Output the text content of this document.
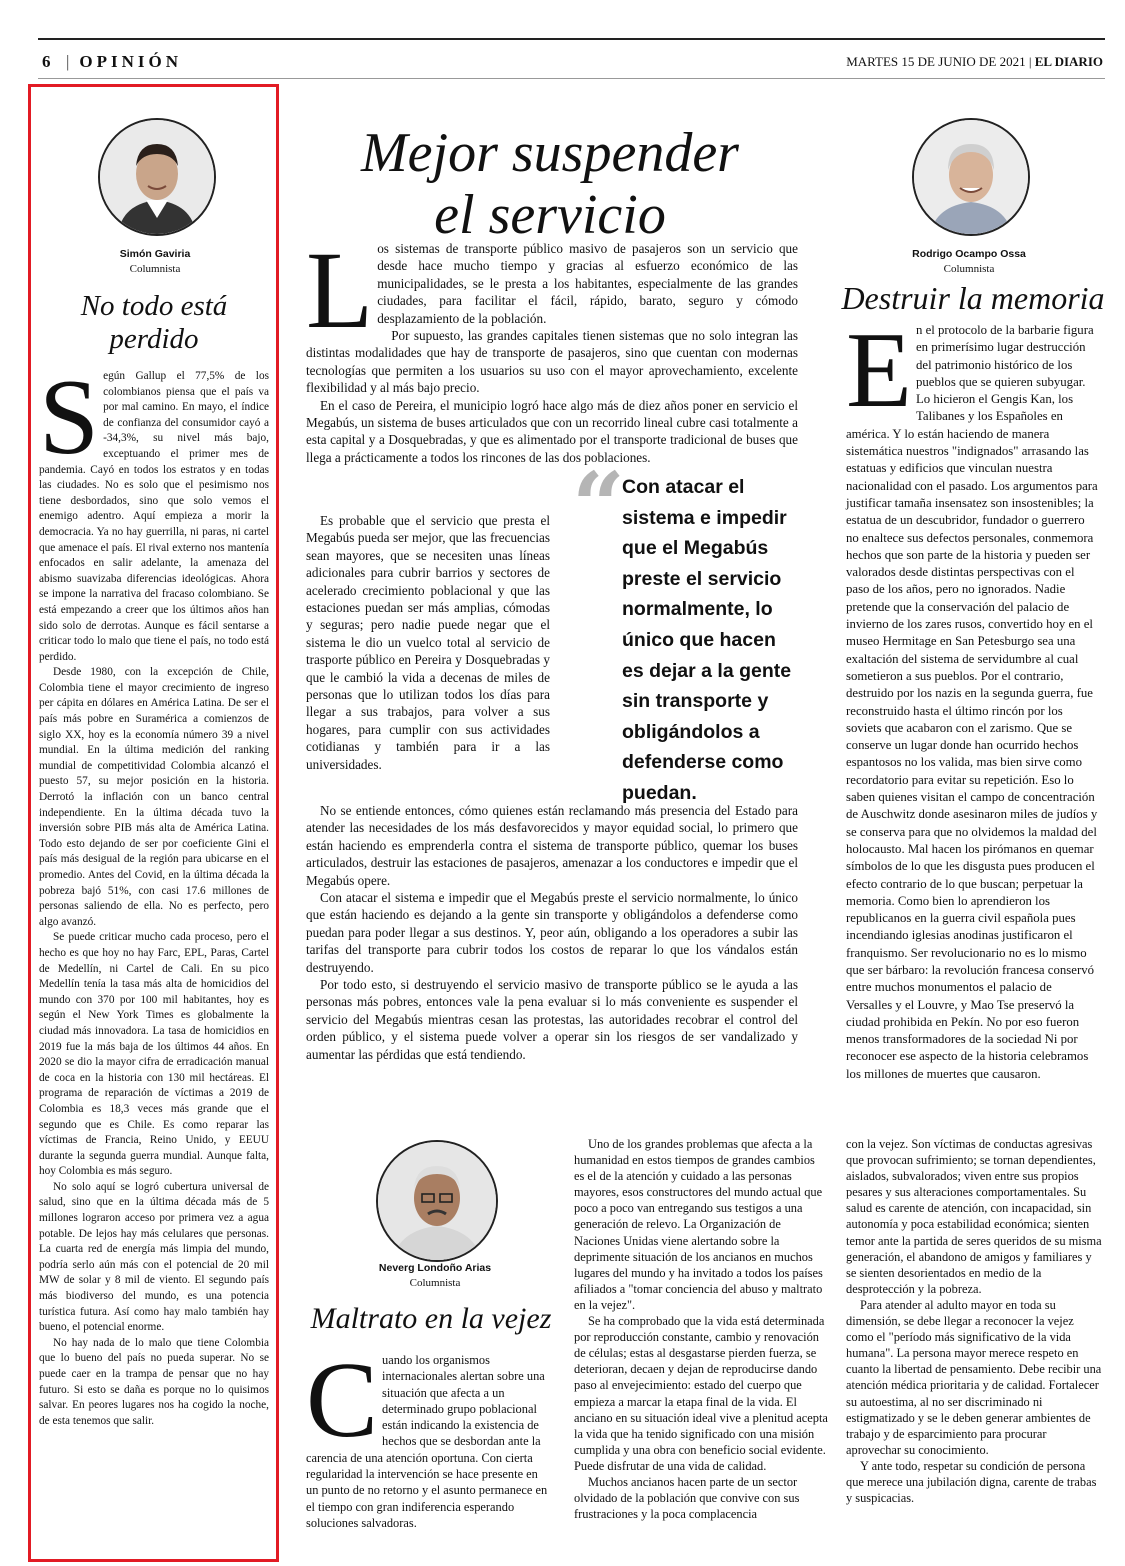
6 | OPINIÓN	MARTES 15 DE JUNIO DE 2021 | EL DIARIO
Simón Gaviria
Columnista
No todo está perdido

Según Gallup el 77,5% de los colombianos piensa que el país va por mal camino. En mayo, el índice de confianza del consumidor cayó a -34,3%, su nivel más bajo, exceptuando el primer mes de pandemia. Cayó en todos los estratos y en todas las ciudades. No es solo que el pesimismo nos tiene desbordados, sino que solo vemos el enemigo adentro. Aquí empieza a morir la democracia. Ya no hay guerrilla, ni paras, ni cartel que amenace el país. El rival externo nos mantenía enfocados en salir adelante, la amenaza del abismo suavizaba diferencias ideológicas. Ahora se impone la narrativa del fracaso colombiano. Se está empezando a creer que los últimos años han sido solo de derrotas. Aunque es fácil sentarse a criticar todo lo malo que tiene el país, no todo está perdido.

Desde 1980, con la excepción de Chile, Colombia tiene el mayor crecimiento de ingreso per cápita en dólares en América Latina. De ser el país más pobre en Suramérica a comienzos de siglo XX, hoy es la economía número 39 a nivel mundial. En la última medición del ranking mundial de competitividad Colombia alcanzó el puesto 57, su mejor posición en la historia. Derrotó la inflación con un banco central independiente. En la última década tuvo la inversión sobre PIB más alta de América Latina. Todo esto dejando de ser por coeficiente Gini el país más desigual de la región para ubicarse en el promedio. Antes del Covid, en la última década la pobreza bajó 51%, con casi 17.6 millones de personas saliendo de ella. No es perfecto, pero algo avanzó.

Se puede criticar mucho cada proceso, pero el hecho es que hoy no hay Farc, EPL, Paras, Cartel de Medellín, ni Cartel de Cali. En su pico Medellín tenía la tasa más alta de homicidios del mundo con 370 por 100 mil habitantes, hoy es según el New York Times es globalmente la ciudad más innovadora. La tasa de homicidios en 2019 fue la más baja de los últimos 44 años. En 2020 se dio la mayor cifra de erradicación manual de coca en la historia con 130 mil hectáreas. El programa de reparación de víctimas a 2019 de Colombia es 18,3 veces más grande que el segundo que es Chile. Es como reparar las víctimas de Francia, Reino Unido, y EEUU durante la segunda guerra mundial. Aunque falta, hoy Colombia es más seguro.

No solo aquí se logró cubertura universal de salud, sino que en la última década más de 5 millones lograron acceso por primera vez a agua potable. De lejos hay más celulares que personas. La cuarta red de energía más limpia del mundo, podría serlo aún más con el potencial de 20 mil MW de solar y 8 mil de viento. El segundo país más biodiverso del mundo, es una potencia turística futura. Así como hay malo también hay bueno, el potencial enorme.

No hay nada de lo malo que tiene Colombia que lo bueno del país no pueda superar. No se puede caer en la trampa de pensar que no hay futuro. Si esto se daña es porque no lo quisimos salvar. En peores lugares nos ha cogido la noche, de esta tenemos que salir.

Mejor suspender
el servicio

Los sistemas de transporte público masivo de pasajeros son un servicio que desde hace mucho tiempo y gracias al esfuerzo económico de las municipalidades, se le presta a los habitantes, especialmente de las grandes ciudades, para facilitar el fácil, rápido, barato, seguro y cómodo desplazamiento de la población.

Por supuesto, las grandes capitales tienen sistemas que no solo integran las distintas modalidades que hay de transporte de pasajeros, sino que cuentan con modernas tecnologías que permiten a los usuarios su uso con el mayor aprovechamiento, excelente flexibilidad y al más bajo precio.

En el caso de Pereira, el municipio logró hace algo más de diez años poner en servicio el Megabús, un sistema de buses articulados que con un recorrido lineal cubre casi totalmente a esta capital y a Dosquebradas, y que es alimentado por el transporte tradicional de buses que llega a prácticamente a todos los rincones de las dos poblaciones.

Es probable que el servicio que presta el Megabús pueda ser mejor, que las frecuencias sean mayores, que se necesiten unas líneas adicionales para cubrir barrios y sectores de acelerado crecimiento poblacional y que las estaciones puedan ser más amplias, cómodas y seguras; pero nadie puede negar que el sistema le dio un vuelco total al servicio de trasporte público en Pereira y Dosquebradas y que le cambió la vida a decenas de miles de personas que lo utilizan todos los días para llegar a sus trabajos, para volver a sus hogares, para cumplir con sus actividades cotidianas y también para ir a las universidades.

No se entiende entonces, cómo quienes están reclamando más presencia del Estado para atender las necesidades de los más desfavorecidos y mayor equidad social, lo primero que están haciendo es emprenderla contra el sistema de transporte público, quemar los buses articulados, destruir las estaciones de pasajeros, amenazar a los conductores e impedir que el Megabús opere.

Con atacar el sistema e impedir que el Megabús preste el servicio normalmente, lo único que están haciendo es dejando a la gente sin transporte y obligándolos a defenderse como puedan para poder llegar a sus destinos. Y, peor aún, obligando a los operadores a subir las tarifas del transporte para cubrir todos los costos de reparar lo que los vándalos están destruyendo.

Por todo esto, si destruyendo el servicio masivo de transporte público se le ayuda a las personas más pobres, entonces vale la pena evaluar si lo más conveniente es suspender el servicio del Megabús mientras cesan las protestas, las autoridades recobrar el control del orden público, y el sistema puede volver a operar sin los riesgos de ser vandalizado y aumentar las pérdidas que está tendiendo.

“
Con atacar el sistema e impedir que el Megabús preste el servicio normalmente, lo único que hacen es dejar a la gente sin transporte y obligándolos a defenderse como puedan.
Rodrigo Ocampo Ossa
Columnista
Destruir la memoria

En el protocolo de la barbarie figura en primerísimo lugar destrucción del patrimonio histórico de los pueblos que se quieren subyugar. Lo hicieron el Gengis Kan, los Talibanes y los Españoles en américa. Y lo están haciendo de manera sistemática nuestros "indignados" arrasando las estatuas y edificios que vinculan nuestra nacionalidad con el pasado. Los argumentos para justificar tamaña insensatez son insostenibles; la estatua de un descubridor, fundador o guerrero no enaltece sus defectos personales, conmemora hechos que son parte de la historia y pueden ser valorados desde distintas perspectivas con el paso de los años, pero no ignorados. Nadie pretende que la conservación del palacio de invierno de los zares rusos, convertido hoy en el museo Hermitage en San Petesburgo sea una exaltación del sistema de servidumbre al cual sometieron a sus pueblos. Por el contrario, destruido por los nazis en la segunda guerra, fue reconstruido hasta el último rincón por los soviets que acabaron con el zarismo. Que se conserve un lugar donde han ocurrido hechos espantosos no los valida, mas bien sirve como recordatorio para evitar su repetición. Eso lo saben quienes visitan el campo de concentración de Auschwitz donde asesinaron miles de judíos y se conserva para que no olvidemos la maldad del holocausto. Mal hacen los pirómanos en quemar símbolos de lo que les disgusta pues producen el efecto contrario de lo que buscan; perpetuar la memoria. Como bien lo aprendieron los republicanos en la guerra civil española pues incendiando iglesias anodinas justificaron el franquismo. Ser revolucionario no es lo mismo que ser bárbaro: la revolución francesa conservó entre muchos monumentos el palacio de Versalles y el Louvre, y Mao Tse preservó la ciudad prohibida en Pekín. No por eso fueron menos transformadores de la sociedad Ni por reconocer ese aspecto de la historia celebramos los millones de muertes que causaron.

Neverg Londoño Arias
Columnista
Maltrato en la vejez

Cuando los organismos internacionales alertan sobre una situación que afecta a un determinado grupo poblacional están indicando la existencia de hechos que se desbordan ante la carencia de una atención oportuna. Con cierta regularidad la intervención se hace presente en un punto de no retorno y el asunto permanece en el tiempo con gran indiferencia esperando soluciones salvadoras.

Uno de los grandes problemas que afecta a la humanidad en estos tiempos de grandes cambios es el de la atención y cuidado a las personas mayores, esos constructores del mundo actual que poco a poco van entregando sus testigos a una generación de relevo. La Organización de Naciones Unidas viene alertando sobre la deprimente situación de los ancianos en muchos lugares del mundo y ha invitado a todos los países afiliados a "tomar conciencia del abuso y maltrato en la vejez".

Se ha comprobado que la vida está determinada por reproducción constante, cambio y renovación de células; estas al desgastarse pierden fuerza, se deterioran, decaen y dejan de reproducirse dando paso al envejecimiento: estado del cuerpo que empieza a marcar la etapa final de la vida. El anciano en su situación ideal vive a plenitud acepta la vida que ha tenido significado con una misión cumplida y una obra con beneficio social evidente. Puede disfrutar de una vida de calidad.

Muchos ancianos hacen parte de un sector olvidado de la población que convive con sus frustraciones y la poca complacencia

con la vejez. Son víctimas de conductas agresivas que provocan sufrimiento; se tornan dependientes, aislados, subvalorados; viven entre sus propios pesares y sus alteraciones comportamentales. Su salud es carente de atención, con incapacidad, sin autonomía y poca estabilidad económica; sienten temor ante la partida de seres queridos de su misma generación, el abandono de amigos y familiares y se sienten desorientados en medio de la desprotección y la pobreza.

Para atender al adulto mayor en toda su dimensión, se debe llegar a reconocer la vejez como el "período más significativo de la vida humana". La persona mayor merece respeto en cuanto la libertad de pensamiento. Debe recibir una atención médica prioritaria y de calidad. Fortalecer su autoestima, al no ser discriminado ni estigmatizado y se le deben generar ambientes de trabajo y de esparcimiento para procurar aprovechar su conocimiento.

Y ante todo, respetar su condición de persona que merece una jubilación digna, carente de trabas y suspicacias.
